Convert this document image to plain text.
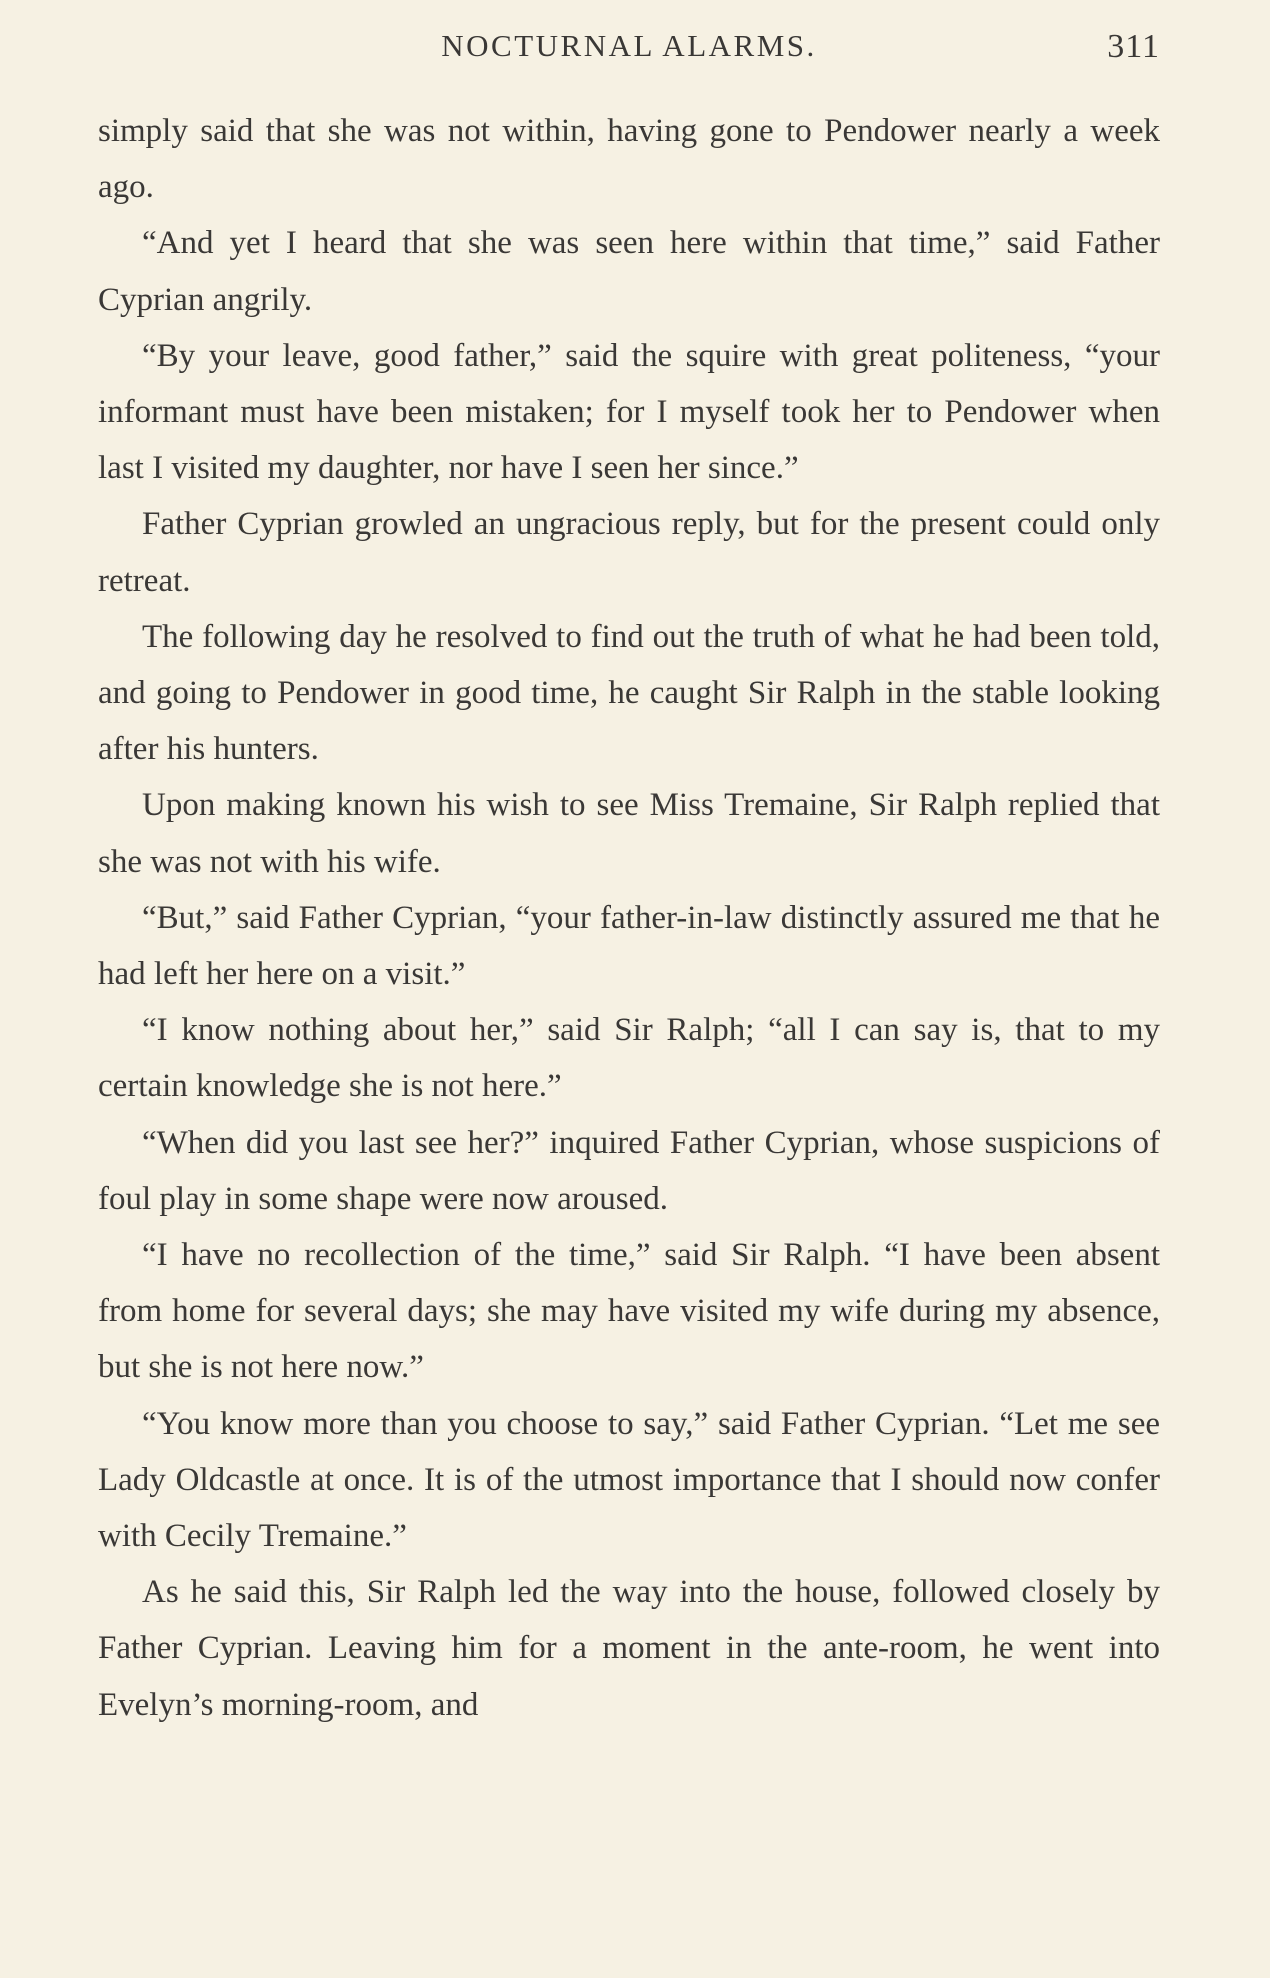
NOCTURNAL ALARMS.	311

simply said that she was not within, having gone to Pendower nearly a week ago.

“And yet I heard that she was seen here within that time,” said Father Cyprian angrily.

“By your leave, good father,” said the squire with great politeness, “your informant must have been mistaken; for I myself took her to Pendower when last I visited my daughter, nor have I seen her since.”

Father Cyprian growled an ungracious reply, but for the present could only retreat.

The following day he resolved to find out the truth of what he had been told, and going to Pendower in good time, he caught Sir Ralph in the stable looking after his hunters.

Upon making known his wish to see Miss Tremaine, Sir Ralph replied that she was not with his wife.

“But,” said Father Cyprian, “your father-in-law distinctly assured me that he had left her here on a visit.”

“I know nothing about her,” said Sir Ralph; “all I can say is, that to my certain knowledge she is not here.”

“When did you last see her?” inquired Father Cyprian, whose suspicions of foul play in some shape were now aroused.

“I have no recollection of the time,” said Sir Ralph. “I have been absent from home for several days; she may have visited my wife during my absence, but she is not here now.”

“You know more than you choose to say,” said Father Cyprian. “Let me see Lady Oldcastle at once. It is of the utmost importance that I should now confer with Cecily Tremaine.”

As he said this, Sir Ralph led the way into the house, followed closely by Father Cyprian. Leaving him for a moment in the ante-room, he went into Evelyn’s morning-room, and
